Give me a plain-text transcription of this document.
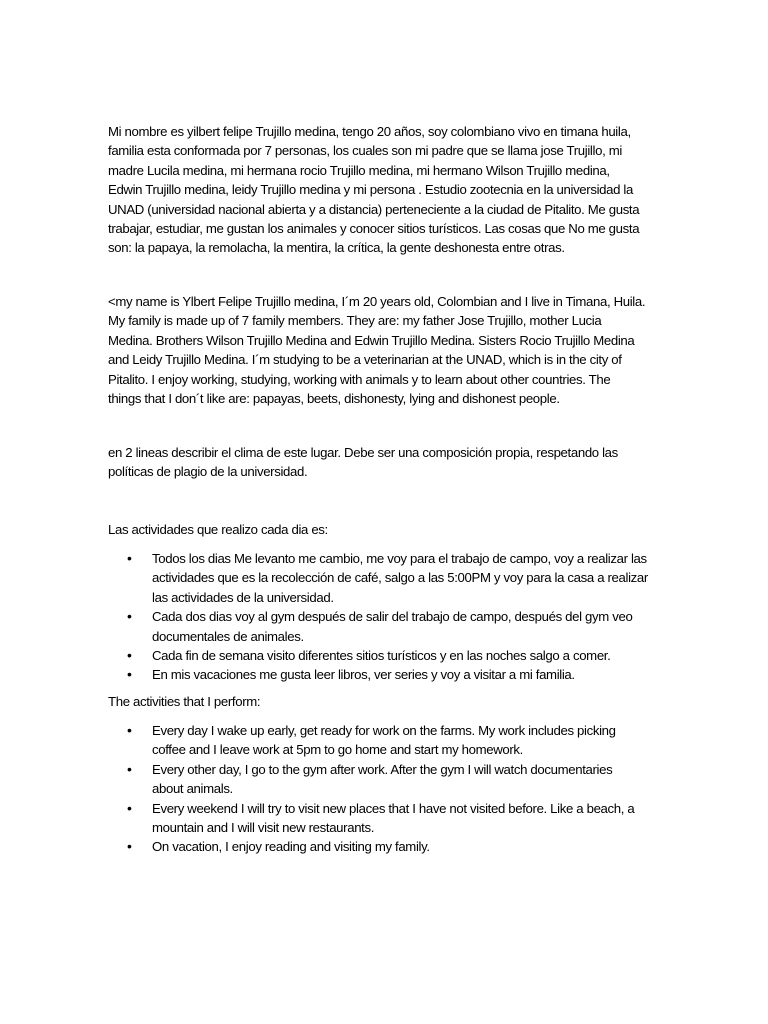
Mi nombre es yilbert felipe Trujillo medina, tengo 20 años, soy colombiano vivo en timana huila,
familia esta conformada por 7 personas, los cuales son mi padre que se llama jose Trujillo, mi
madre Lucila medina, mi hermana rocio Trujillo medina, mi hermano Wilson Trujillo medina,
Edwin Trujillo medina, leidy Trujillo medina y mi persona . Estudio zootecnia en la universidad la
UNAD (universidad nacional abierta y a distancia) perteneciente a la ciudad de Pitalito. Me gusta
trabajar, estudiar, me gustan los animales y conocer sitios turísticos. Las cosas que No me gusta
son: la papaya, la remolacha, la mentira, la crítica, la gente deshonesta entre otras.

<my name is Ylbert Felipe Trujillo medina, I´m 20 years old, Colombian and I live in Timana, Huila.
My family is made up of 7 family members. They are: my father Jose Trujillo, mother Lucia
Medina. Brothers Wilson Trujillo Medina and Edwin Trujillo Medina. Sisters Rocio Trujillo Medina
and Leidy Trujillo Medina. I´m studying to be a veterinarian at the UNAD, which is in the city of
Pitalito. I enjoy working, studying, working with animals y to learn about other countries. The
things that I don´t like are: papayas, beets, dishonesty, lying and dishonest people.

en 2 lineas describir el clima de este lugar. Debe ser una composición propia, respetando las
políticas de plagio de la universidad.

Las actividades que realizo cada dia es:

• Todos los dias Me levanto me cambio, me voy para el trabajo de campo, voy a realizar las
actividades que es la recolección de café, salgo a las 5:00PM y voy para la casa a realizar
las actividades de la universidad.
• Cada dos dias voy al gym después de salir del trabajo de campo, después del gym veo
documentales de animales.
• Cada fin de semana visito diferentes sitios turísticos y en las noches salgo a comer.
• En mis vacaciones me gusta leer libros, ver series y voy a visitar a mi familia.

The activities that I perform:

• Every day I wake up early, get ready for work on the farms. My work includes picking
coffee and I leave work at 5pm to go home and start my homework.
• Every other day, I go to the gym after work. After the gym I will watch documentaries
about animals.
• Every weekend I will try to visit new places that I have not visited before. Like a beach, a
mountain and I will visit new restaurants.
• On vacation, I enjoy reading and visiting my family.
